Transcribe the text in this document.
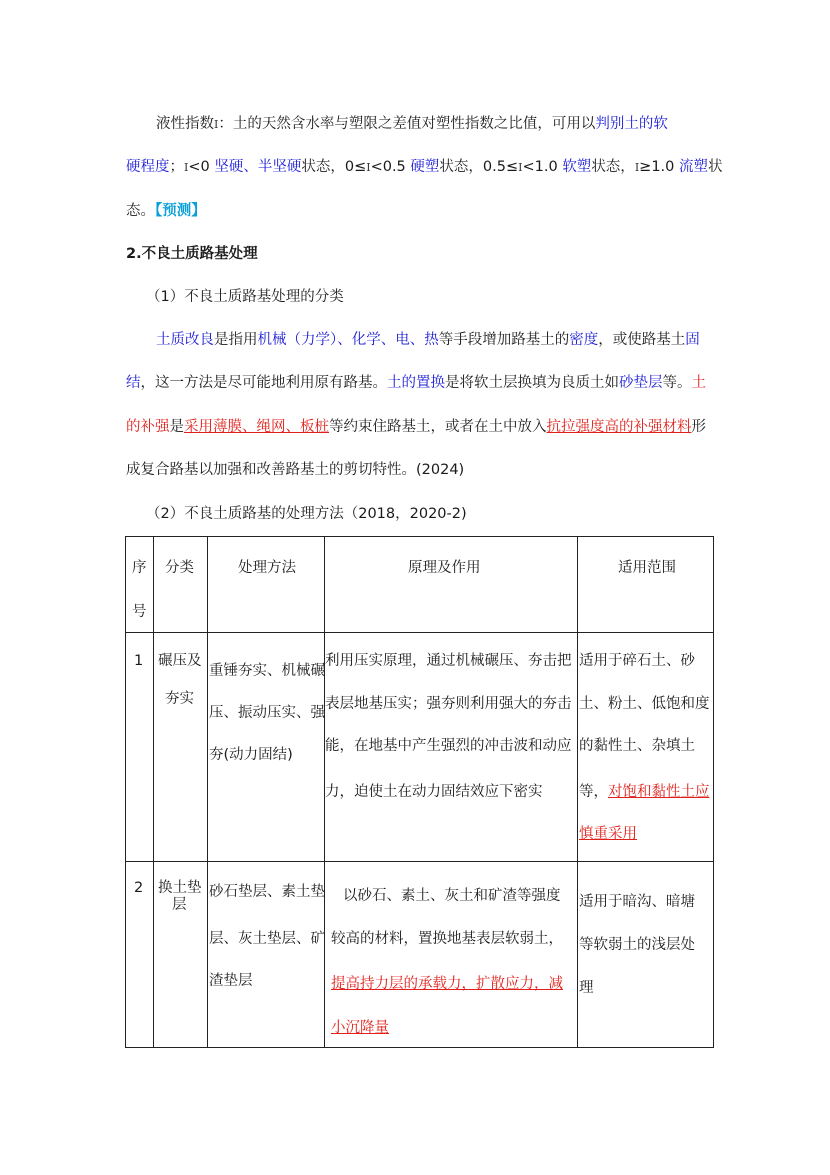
液性指数I：土的天然含水率与塑限之差值对塑性指数之比值，可用以判别土的软
硬程度；I<0 坚硬、半坚硬状态，0≤I<0.5 硬塑状态，0.5≤I<1.0 软塑状态，I≥1.0 流塑状
态。【预测】
2.不良土质路基处理
（1）不良土质路基处理的分类
土质改良是指用机械（力学）、化学、电、热等手段增加路基土的密度，或使路基土固
结，这一方法是尽可能地利用原有路基。土的置换是将软土层换填为良质土如砂垫层等。土
的补强是采用薄膜、绳网、板桩等约束住路基土，或者在土中放入抗拉强度高的补强材料形
成复合路基以加强和改善路基土的剪切特性。(2024)
（2）不良土质路基的处理方法（2018，2020-2)
序
号	分类	处理方法	原理及作用	适用范围

1	碾压及
夯实	重锤夯实、机械碾
压、振动压实、强
夯(动力固结)	利用压实原理，通过机械碾压、夯击把
表层地基压实；强夯则利用强大的夯击
能，在地基中产生强烈的冲击波和动应
力，迫使土在动力固结效应下密实	适用于碎石土、砂
土、粉土、低饱和度
的黏性土、杂填土
等，对饱和黏性土应
慎重采用

2	换土垫
层	砂石垫层、素土垫
层、灰土垫层、矿
渣垫层	以砂石、素土、灰土和矿渣等强度
较高的材料，置换地基表层软弱土，
提高持力层的承载力，扩散应力，减
小沉降量	适用于暗沟、暗塘
等软弱土的浅层处
理
